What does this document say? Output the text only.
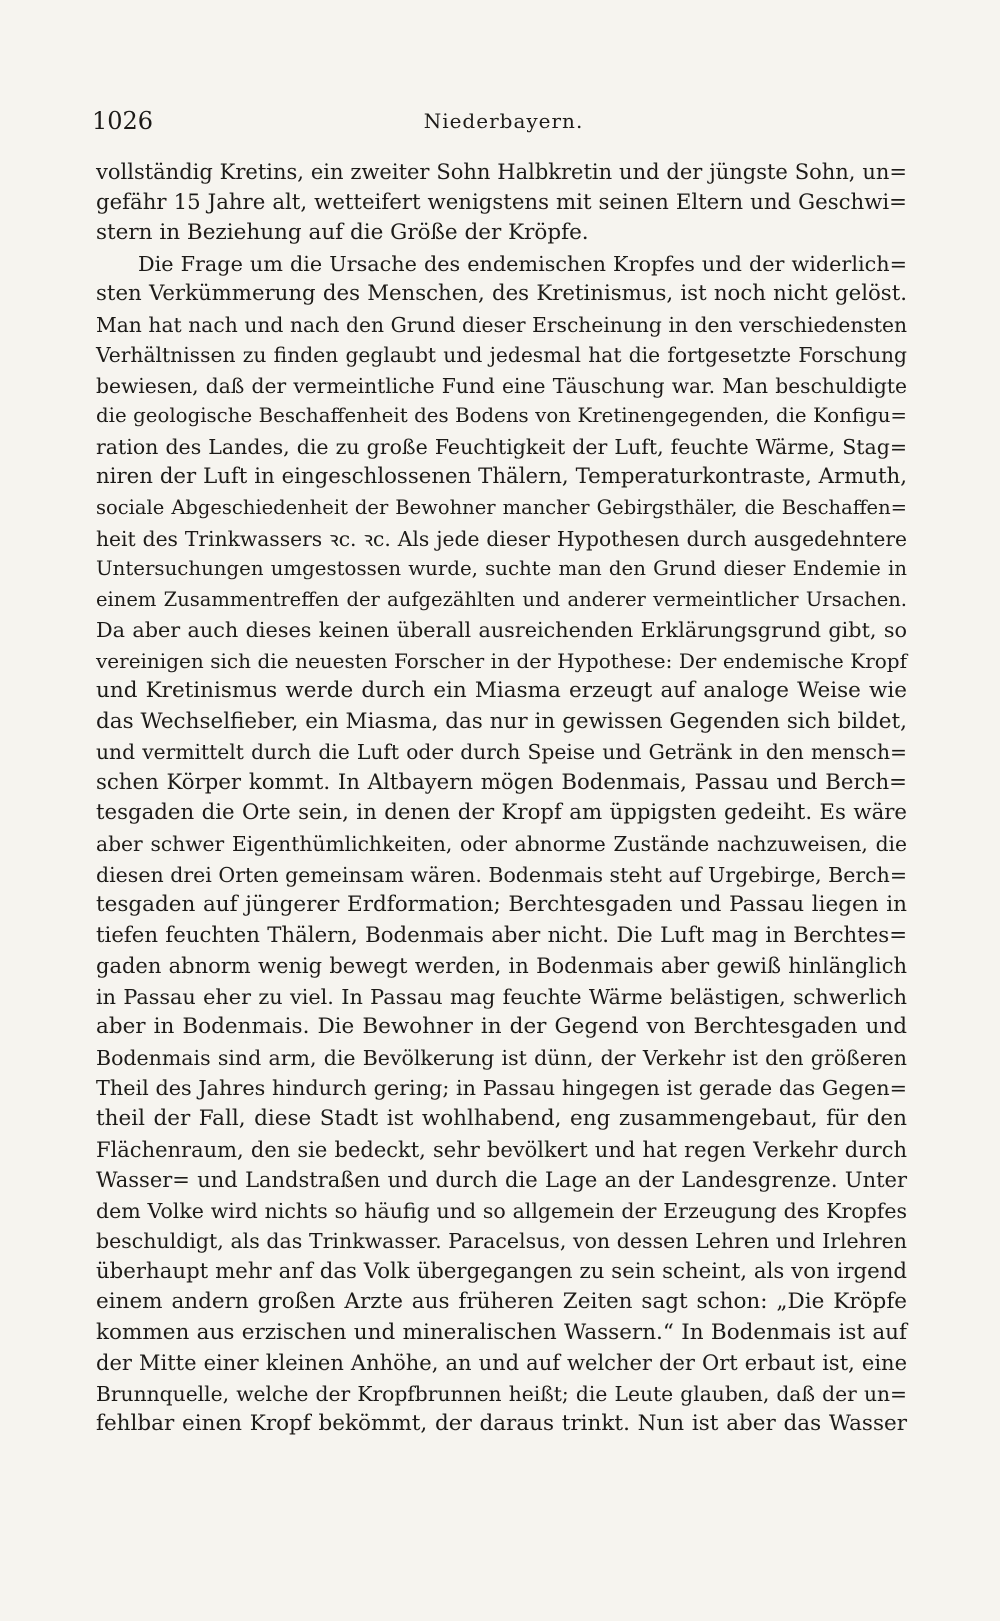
1026	Niederbayern.
vollständig Kretins, ein zweiter Sohn Halbkretin und der jüngste Sohn, un=
gefähr 15 Jahre alt, wetteifert wenigstens mit seinen Eltern und Geschwi=
stern in Beziehung auf die Größe der Kröpfe.
Die Frage um die Ursache des endemischen Kropfes und der widerlich=
sten Verkümmerung des Menschen, des Kretinismus, ist noch nicht gelöst.
Man hat nach und nach den Grund dieser Erscheinung in den verschiedensten
Verhältnissen zu finden geglaubt und jedesmal hat die fortgesetzte Forschung
bewiesen, daß der vermeintliche Fund eine Täuschung war. Man beschuldigte
die geologische Beschaffenheit des Bodens von Kretinengegenden, die Konfigu=
ration des Landes, die zu große Feuchtigkeit der Luft, feuchte Wärme, Stag=
niren der Luft in eingeschlossenen Thälern, Temperaturkontraste, Armuth,
sociale Abgeschiedenheit der Bewohner mancher Gebirgsthäler, die Beschaffen=
heit des Trinkwassers ꝛc. ꝛc. Als jede dieser Hypothesen durch ausgedehntere
Untersuchungen umgestossen wurde, suchte man den Grund dieser Endemie in
einem Zusammentreffen der aufgezählten und anderer vermeintlicher Ursachen.
Da aber auch dieses keinen überall ausreichenden Erklärungsgrund gibt, so
vereinigen sich die neuesten Forscher in der Hypothese: Der endemische Kropf
und Kretinismus werde durch ein Miasma erzeugt auf analoge Weise wie
das Wechselfieber, ein Miasma, das nur in gewissen Gegenden sich bildet,
und vermittelt durch die Luft oder durch Speise und Getränk in den mensch=
schen Körper kommt. In Altbayern mögen Bodenmais, Passau und Berch=
tesgaden die Orte sein, in denen der Kropf am üppigsten gedeiht. Es wäre
aber schwer Eigenthümlichkeiten, oder abnorme Zustände nachzuweisen, die
diesen drei Orten gemeinsam wären. Bodenmais steht auf Urgebirge, Berch=
tesgaden auf jüngerer Erdformation; Berchtesgaden und Passau liegen in
tiefen feuchten Thälern, Bodenmais aber nicht. Die Luft mag in Berchtes=
gaden abnorm wenig bewegt werden, in Bodenmais aber gewiß hinlänglich
in Passau eher zu viel. In Passau mag feuchte Wärme belästigen, schwerlich
aber in Bodenmais. Die Bewohner in der Gegend von Berchtesgaden und
Bodenmais sind arm, die Bevölkerung ist dünn, der Verkehr ist den größeren
Theil des Jahres hindurch gering; in Passau hingegen ist gerade das Gegen=
theil der Fall, diese Stadt ist wohlhabend, eng zusammengebaut, für den
Flächenraum, den sie bedeckt, sehr bevölkert und hat regen Verkehr durch
Wasser= und Landstraßen und durch die Lage an der Landesgrenze. Unter
dem Volke wird nichts so häufig und so allgemein der Erzeugung des Kropfes
beschuldigt, als das Trinkwasser. Paracelsus, von dessen Lehren und Irlehren
überhaupt mehr anf das Volk übergegangen zu sein scheint, als von irgend
einem andern großen Arzte aus früheren Zeiten sagt schon: „Die Kröpfe
kommen aus erzischen und mineralischen Wassern.“ In Bodenmais ist auf
der Mitte einer kleinen Anhöhe, an und auf welcher der Ort erbaut ist, eine
Brunnquelle, welche der Kropfbrunnen heißt; die Leute glauben, daß der un=
fehlbar einen Kropf bekömmt, der daraus trinkt. Nun ist aber das Wasser
